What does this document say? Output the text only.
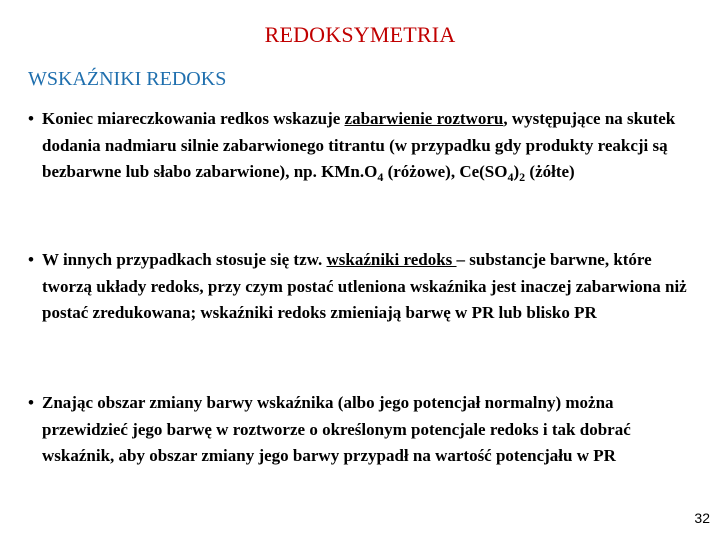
REDOKSYMETRIA
WSKAŹNIKI REDOKS
• Koniec miareczkowania redkos wskazuje zabarwienie roztworu, występujące na skutek dodania nadmiaru silnie zabarwionego titrantu (w przypadku gdy produkty reakcji są bezbarwne lub słabo zabarwione), np. $KMn.O_4$ (różowe), $Ce(SO_4)_2$ (żółte)
• W innych przypadkach stosuje się tzw. wskaźniki redoks – substancje barwne, które tworzą układy redoks, przy czym postać utleniona wskaźnika jest inaczej zabarwiona niż postać zredukowana; wskaźniki redoks zmieniają barwę w PR lub blisko PR
• Znając obszar zmiany barwy wskaźnika (albo jego potencjał normalny) można przewidzieć jego barwę w roztworze o określonym potencjale redoks i tak dobrać wskaźnik, aby obszar zmiany jego barwy przypadł na wartość potencjału w PR
32
